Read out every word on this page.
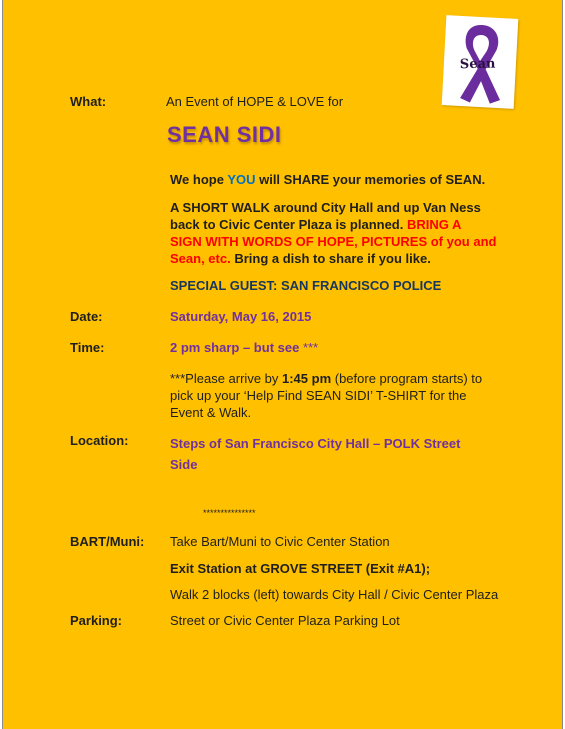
Sean
What:	An Event of HOPE & LOVE for
SEAN SIDI
We hope YOU will SHARE your memories of SEAN.
A SHORT WALK around City Hall and up Van Ness
back to Civic Center Plaza is planned. BRING A
SIGN WITH WORDS OF HOPE, PICTURES of you and
Sean, etc. Bring a dish to share if you like.
SPECIAL GUEST: SAN FRANCISCO POLICE
Date:	Saturday, May 16, 2015
Time:	2 pm sharp – but see ***
***Please arrive by 1:45 pm (before program starts) to
pick up your ‘Help Find SEAN SIDI’ T-SHIRT for the
Event & Walk.
Location:	Steps of San Francisco City Hall – POLK Street
Side
***************
BART/Muni: Take Bart/Muni to Civic Center Station
Exit Station at GROVE STREET (Exit #A1);
Walk 2 blocks (left) towards City Hall / Civic Center Plaza
Parking:	Street or Civic Center Plaza Parking Lot
